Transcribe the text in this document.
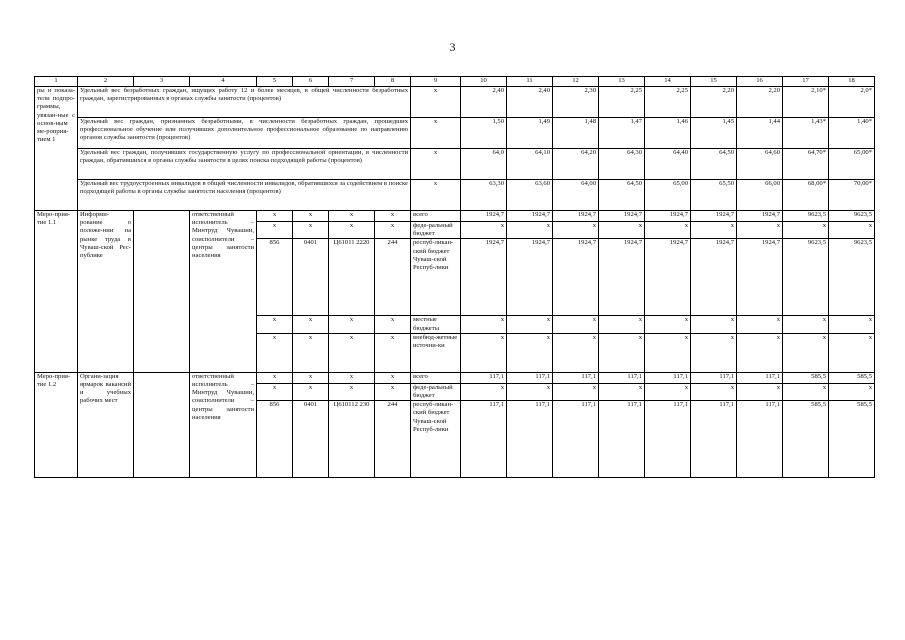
3
1	2	3	4	5	6	7	8	9	10	11	12	13	14	15	16	17	18
ры н показа-тели подпро-граммы, увязан-ные с основ-ным ме-роприя-тием 1	Удельный вес безработных граждан, ищущих работу 12 и более месяцев, в общей численности безработных граждан, зарегистрированных в органах службы занятости (процентов)							x	2,40	2,40	2,30	2,25	2,25	2,20	2,20	2,10*	2,0*
	Удельный вес граждан, признанных безработными, в численности безработных граждан, прошедших профессиональное обучение или получивших дополнительное профессиональное образование по направлению органов службы занятости (процентов)							x	1,50	1,49	1,48	1,47	1,46	1,45	1,44	1,43*	1,40*
	Удельный вес граждан, получивших государственную услугу по профессиональной ориентации, в численности граждан, обратившихся в органы службы занятости в целях поиска подходящей работы (процентов)							x	64,0	64,10	64,20	64,30	64,40	64,50	64,60	64,70*	65,00*
	Удельный вес трудоустроенных инвалидов в общей численности инвалидов, обратившихся за содействием в поиске подходящей работы в органы службы занятости населения (процентов)							x	63,30	63,60	64,00	64,50	65,00	65,50	66,00	68,00*	70,00*
Меро-прия-тие 1.1	Информи-рование о положе-нии на рынке труда в Чуваш-ской Рес-публике		ответственный исполнитель – Минтруд Чувашии, соисполнители – центры занятости населения	x	x	x	x	всего	1924,7	1924,7	1924,7	1924,7	1924,7	1924,7	1924,7	9623,5	9623,5
				x	x	x	x	феде-ральный бюджет	x	x	x	x	x	x	x	x	x
				856	0401	Ц61011 2220	244	респуб-ликан-ский бюджет Чуваш-ской Респуб-лики	1924,7	1924,7	1924,7	1924,7	1924,7	1924,7	1924,7	9623,5	9623,5
				x	x	x	x	местные бюджеты	x	x	x	x	x	x	x	x	x
				x	x	x	x	внебюд-жетные источни-ки	x	x	x	x	x	x	x	x	x
Меро-прия-тие 1.2	Органи-зация ярмарок вакансий и учебных рабочих мест		ответственный исполнитель – Минтруд Чувашии, соисполнители – центры занятости населения	x	x	x	x	всего	117,1	117,1	117,1	117,1	117,1	117,1	117,1	585,5	585,5
				x	x	x	x	феде-ральный бюджет	x	x	x	x	x	x	x	x	x
				856	0401	Ц610112 230	244	респуб-ликан-ский бюджет Чуваш-ской Респуб-лики	117,1	117,1	117,1	117,1	117,1	117,1	117,1	585,5	585,5
